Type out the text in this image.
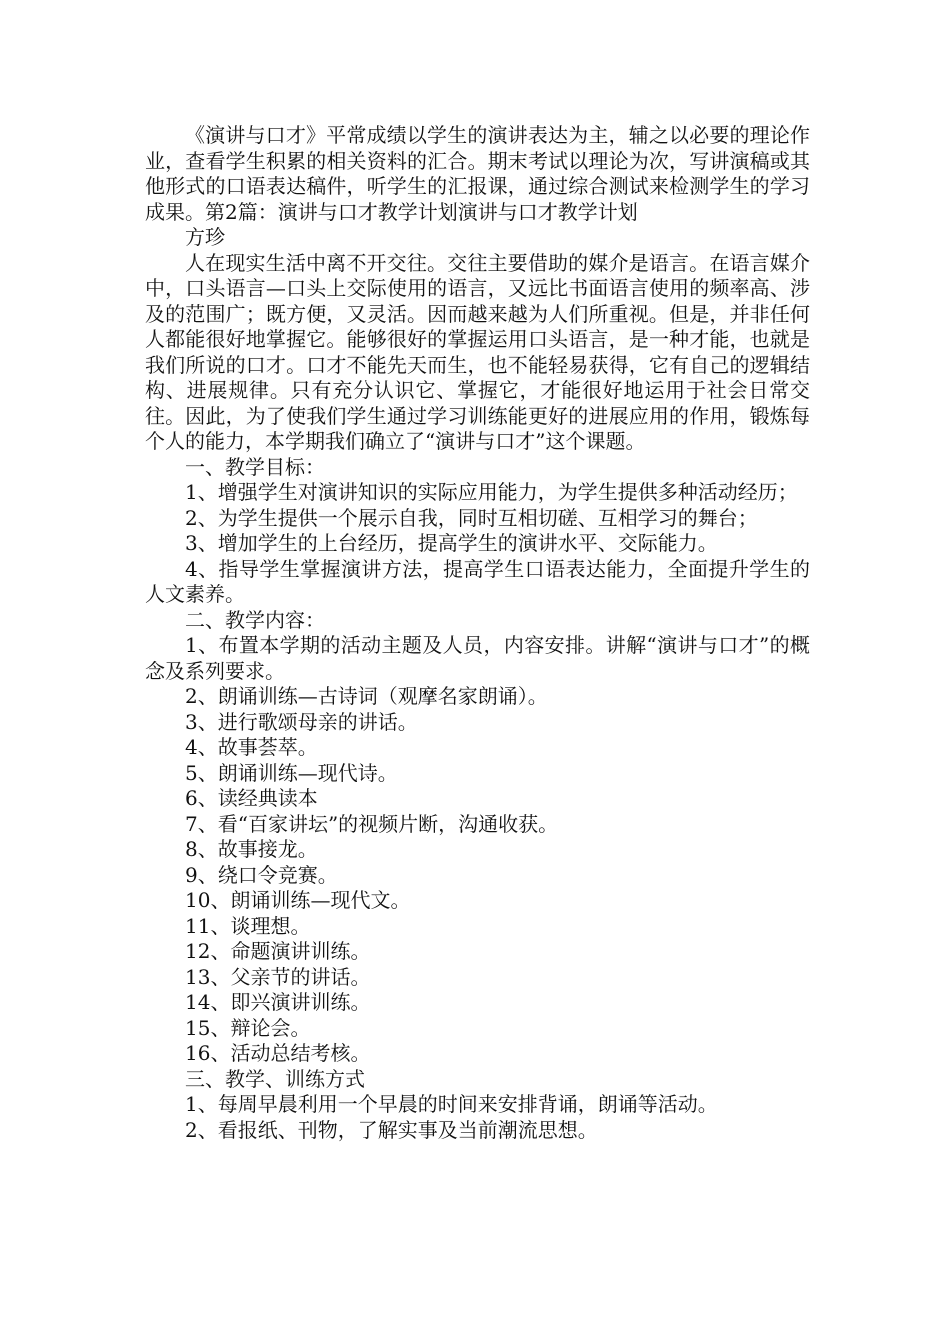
《演讲与口才》平常成绩以学生的演讲表达为主，辅之以必要的理论作业，查看学生积累的相关资料的汇合。期末考试以理论为次，写讲演稿或其他形式的口语表达稿件，听学生的汇报课，通过综合测试来检测学生的学习成果。第2篇：演讲与口才教学计划演讲与口才教学计划

方珍

人在现实生活中离不开交往。交往主要借助的媒介是语言。在语言媒介中，口头语言—口头上交际使用的语言，又远比书面语言使用的频率高、涉及的范围广；既方便，又灵活。因而越来越为人们所重视。但是，并非任何人都能很好地掌握它。能够很好的掌握运用口头语言，是一种才能，也就是我们所说的口才。口才不能先天而生，也不能轻易获得，它有自己的逻辑结构、进展规律。只有充分认识它、掌握它，才能很好地运用于社会日常交往。因此，为了使我们学生通过学习训练能更好的进展应用的作用，锻炼每个人的能力，本学期我们确立了“演讲与口才”这个课题。

一、教学目标：

1、增强学生对演讲知识的实际应用能力，为学生提供多种活动经历；

2、为学生提供一个展示自我，同时互相切磋、互相学习的舞台；

3、增加学生的上台经历，提高学生的演讲水平、交际能力。

4、指导学生掌握演讲方法，提高学生口语表达能力，全面提升学生的人文素养。

二、教学内容：

1、布置本学期的活动主题及人员，内容安排。讲解“演讲与口才”的概念及系列要求。

2、朗诵训练—古诗词（观摩名家朗诵）。

3、进行歌颂母亲的讲话。

4、故事荟萃。

5、朗诵训练—现代诗。

6、读经典读本

7、看“百家讲坛”的视频片断，沟通收获。

8、故事接龙。

9、绕口令竞赛。

10、朗诵训练—现代文。

11、谈理想。

12、命题演讲训练。

13、父亲节的讲话。

14、即兴演讲训练。

15、辩论会。

16、活动总结考核。

三、教学、训练方式

1、每周早晨利用一个早晨的时间来安排背诵，朗诵等活动。

2、看报纸、刊物，了解实事及当前潮流思想。
